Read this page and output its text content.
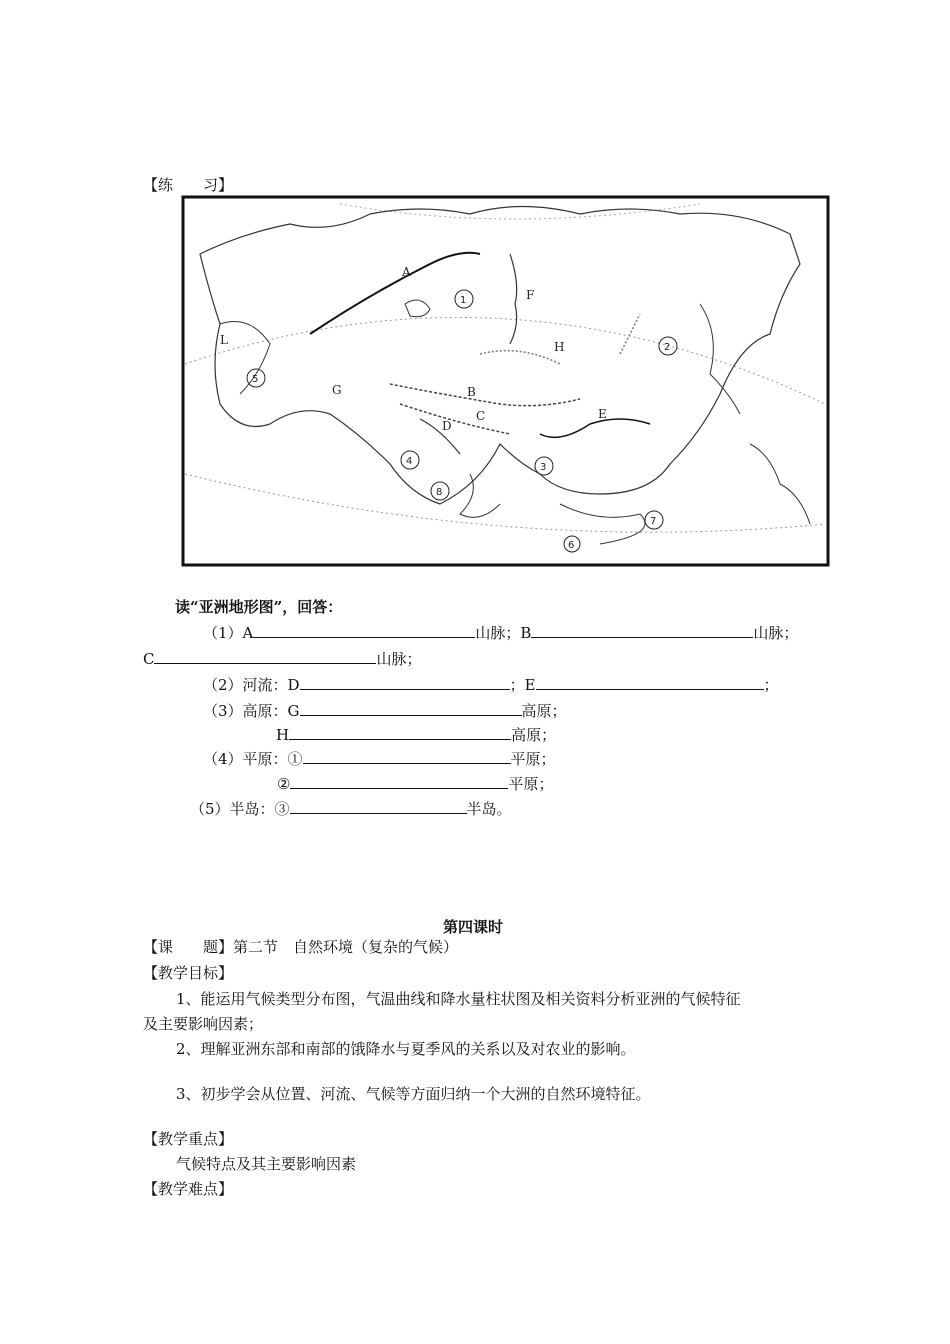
【练　　习】
A
B
C
D
E
F
G
H
L
1
2
3
4
5
6
7
8
读“亚洲地形图”，回答：
（1）A	山脉；B	山脉；
C	山脉；
（2）河流：D	；E	；
（3）高原：G	高原；
H	高原；
（4）平原：①	平原；
②	平原；
（5）半岛：③	半岛。
第四课时
【课　　题】第二节　自然环境（复杂的气候）
【教学目标】
1、能运用气候类型分布图，气温曲线和降水量柱状图及相关资料分析亚洲的气候特征
及主要影响因素；
2、理解亚洲东部和南部的饿降水与夏季风的关系以及对农业的影响。
3、初步学会从位置、河流、气候等方面归纳一个大洲的自然环境特征。
【教学重点】
气候特点及其主要影响因素
【教学难点】
